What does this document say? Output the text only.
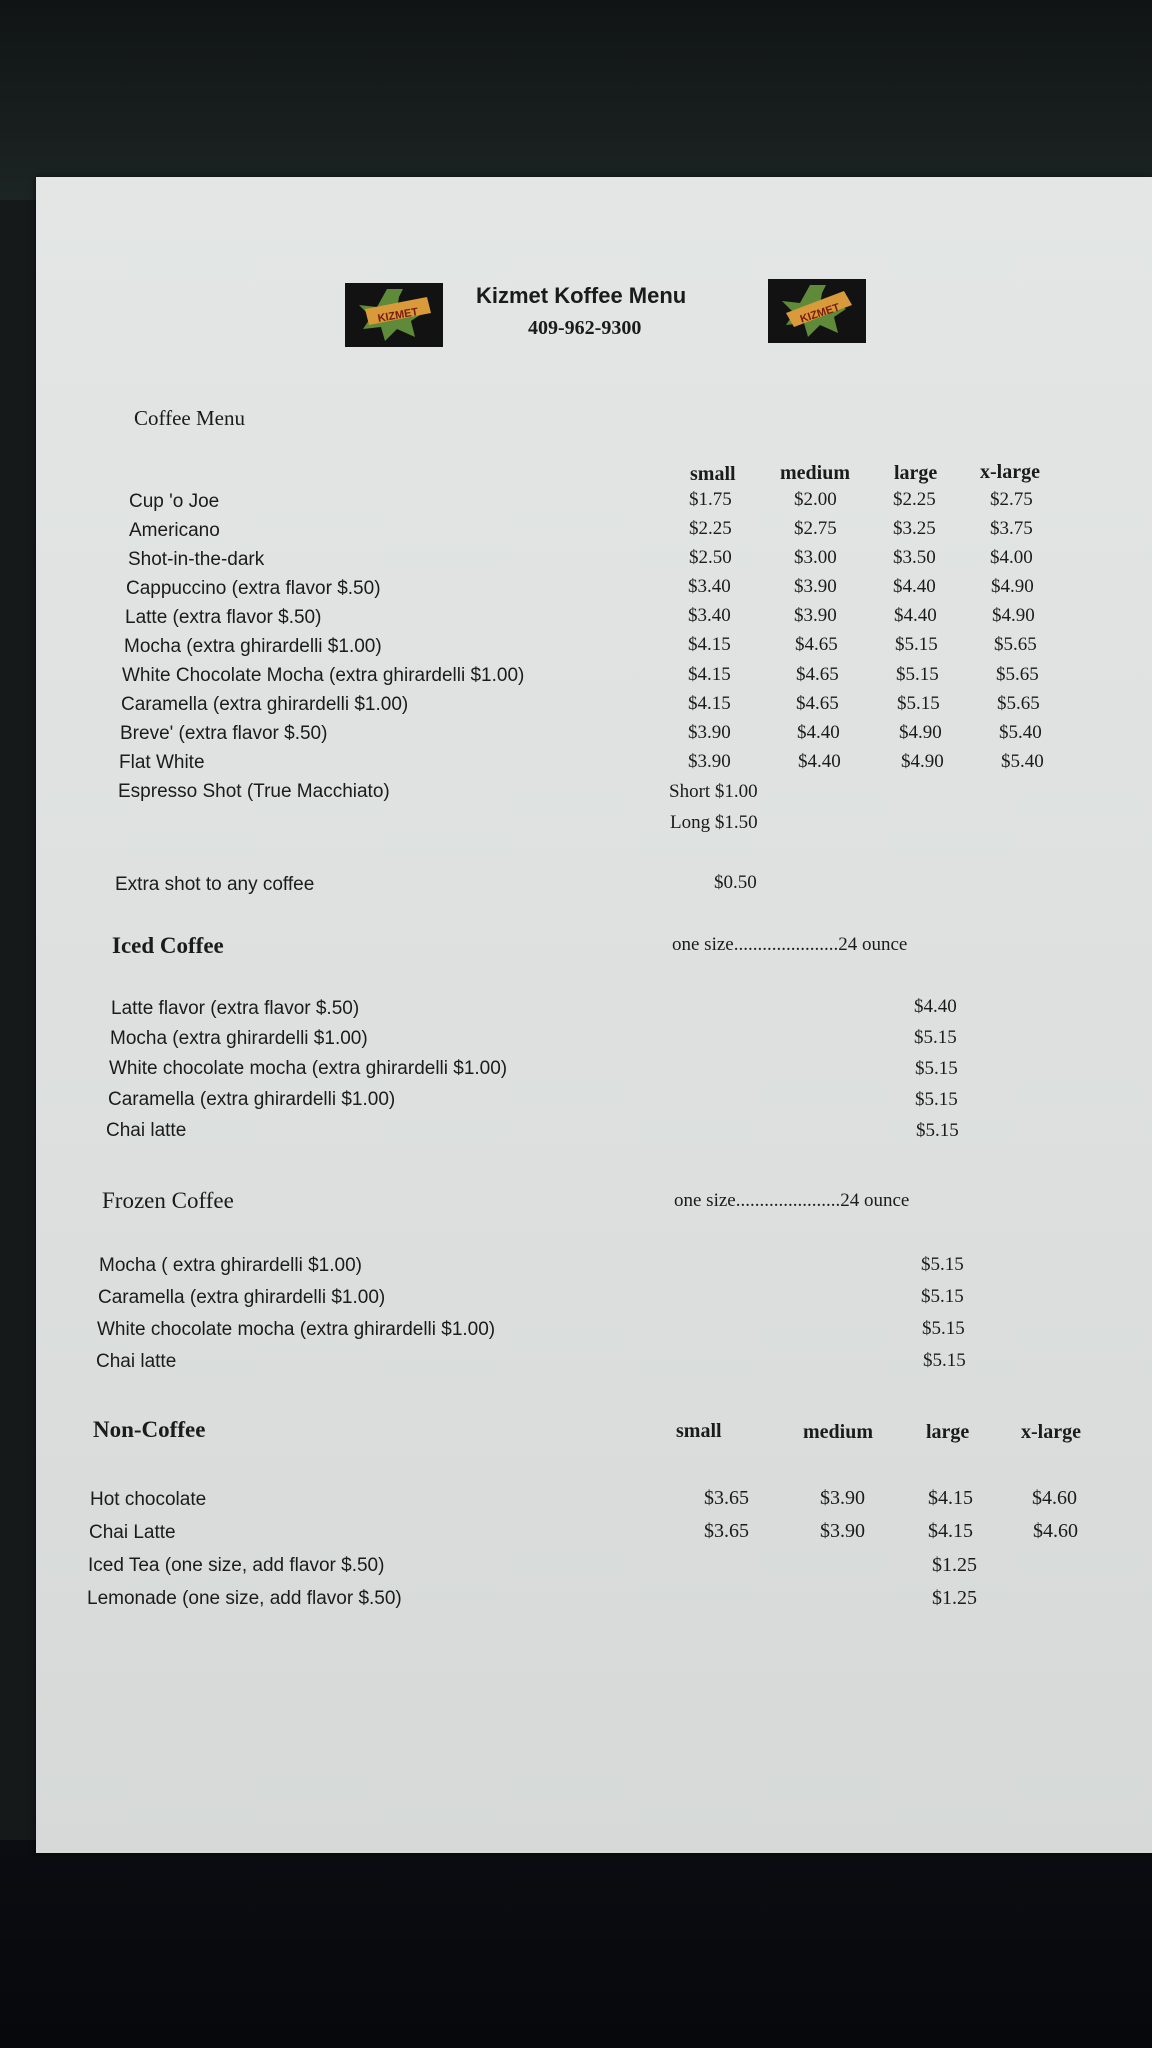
KIZMET	KIZMET
Kizmet Koffee Menu
409-962-9300
Coffee Menu
small medium large x-large
Cup 'o Joe	$1.75	$2.00	$2.25	$2.75
Americano	$2.25	$2.75	$3.25	$3.75
Shot-in-the-dark	$2.50	$3.00	$3.50	$4.00
Cappuccino (extra flavor $.50)	$3.40	$3.90	$4.40	$4.90
Latte (extra flavor $.50)	$3.40	$3.90	$4.40	$4.90
Mocha (extra ghirardelli $1.00)	$4.15	$4.65	$5.15	$5.65
White Chocolate Mocha (extra ghirardelli $1.00)	$4.15	$4.65	$5.15	$5.65
Caramella (extra ghirardelli $1.00)	$4.15	$4.65	$5.15	$5.65
Breve' (extra flavor $.50)	$3.90	$4.40	$4.90	$5.40
Flat White	$3.90	$4.40	$4.90	$5.40
Espresso Shot (True Macchiato)	Short $1.00
Long $1.50
Extra shot to any coffee	$0.50
Iced Coffee	one size......................24 ounce
Latte flavor (extra flavor $.50)	$4.40
Mocha (extra ghirardelli $1.00)	$5.15
White chocolate mocha (extra ghirardelli $1.00)	$5.15
Caramella (extra ghirardelli $1.00)	$5.15
Chai latte	$5.15
Frozen Coffee	one size......................24 ounce
Mocha ( extra ghirardelli $1.00)	$5.15
Caramella (extra ghirardelli $1.00)	$5.15
White chocolate mocha (extra ghirardelli $1.00)	$5.15
Chai latte	$5.15
Non-Coffee	small	medium	large	x-large
Hot chocolate	$3.65	$3.90	$4.15	$4.60
Chai Latte	$3.65	$3.90	$4.15	$4.60
Iced Tea (one size, add flavor $.50)	$1.25
Lemonade (one size, add flavor $.50)	$1.25
